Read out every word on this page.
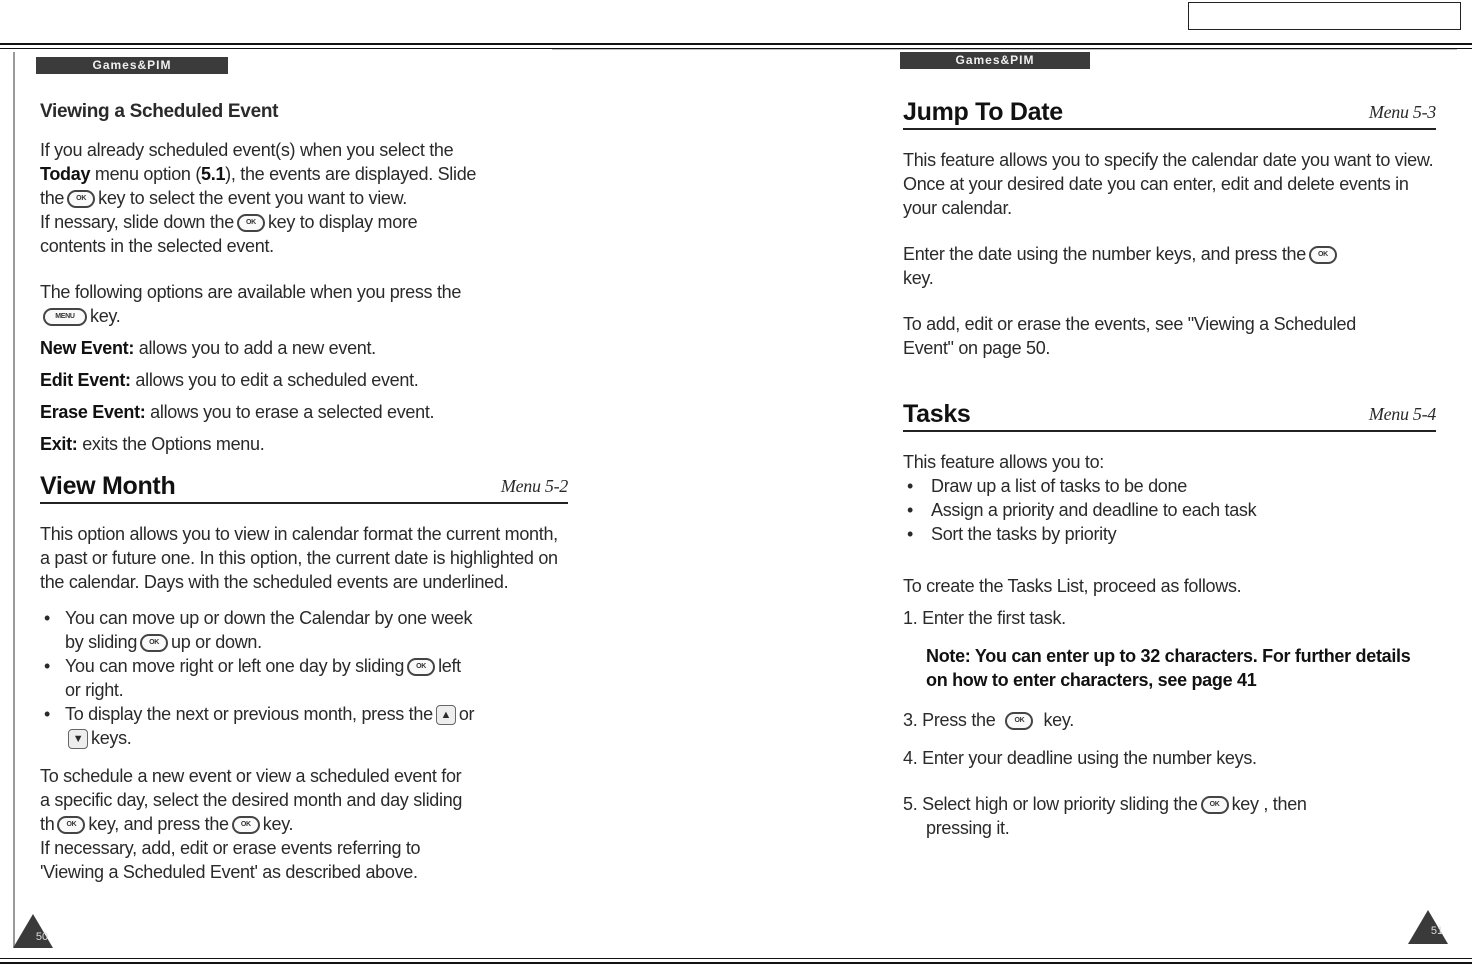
Games&PIM	Games&PIM
Viewing a Scheduled Event

If you already scheduled event(s) when you select the
Today menu option (5.1), the events are displayed. Slide
the OK key to select the event you want to view.
If nessary, slide down the OK key to display more
contents in the selected event.

The following options are available when you press the
MENU key.

New Event: allows you to add a new event.

Edit Event: allows you to edit a scheduled event.

Erase Event: allows you to erase a selected event.

Exit: exits the Options menu.

View Month	Menu 5-2

This option allows you to view in calendar format the current month, a past or future one. In this option, the current date is highlighted on the calendar. Days with the scheduled events are underlined.

• You can move up or down the Calendar by one week
by sliding OK up or down.
• You can move right or left one day by sliding OK left
or right.
• To display the next or previous month, press the ▲ or
▼ keys.

To schedule a new event or view a scheduled event for
a specific day, select the desired month and day sliding
th OK key, and press the OK key.
If necessary, add, edit or erase events referring to
'Viewing a Scheduled Event' as described above.

Jump To Date	Menu 5-3

This feature allows you to specify the calendar date you want to view. Once at your desired date you can enter, edit and delete events in your calendar.

Enter the date using the number keys, and press the OK
key.

To add, edit or erase the events, see "Viewing a Scheduled Event" on page 50.

Tasks	Menu 5-4

This feature allows you to:

• Draw up a list of tasks to be done
• Assign a priority and deadline to each task
• Sort the tasks by priority

To create the Tasks List, proceed as follows.

1. Enter the first task.

Note: You can enter up to 32 characters. For further details on how to enter characters, see page 41

3. Press the	OK key.

4. Enter your deadline using the number keys.

5. Select high or low priority sliding the OK key , then
pressing it.

50	51
